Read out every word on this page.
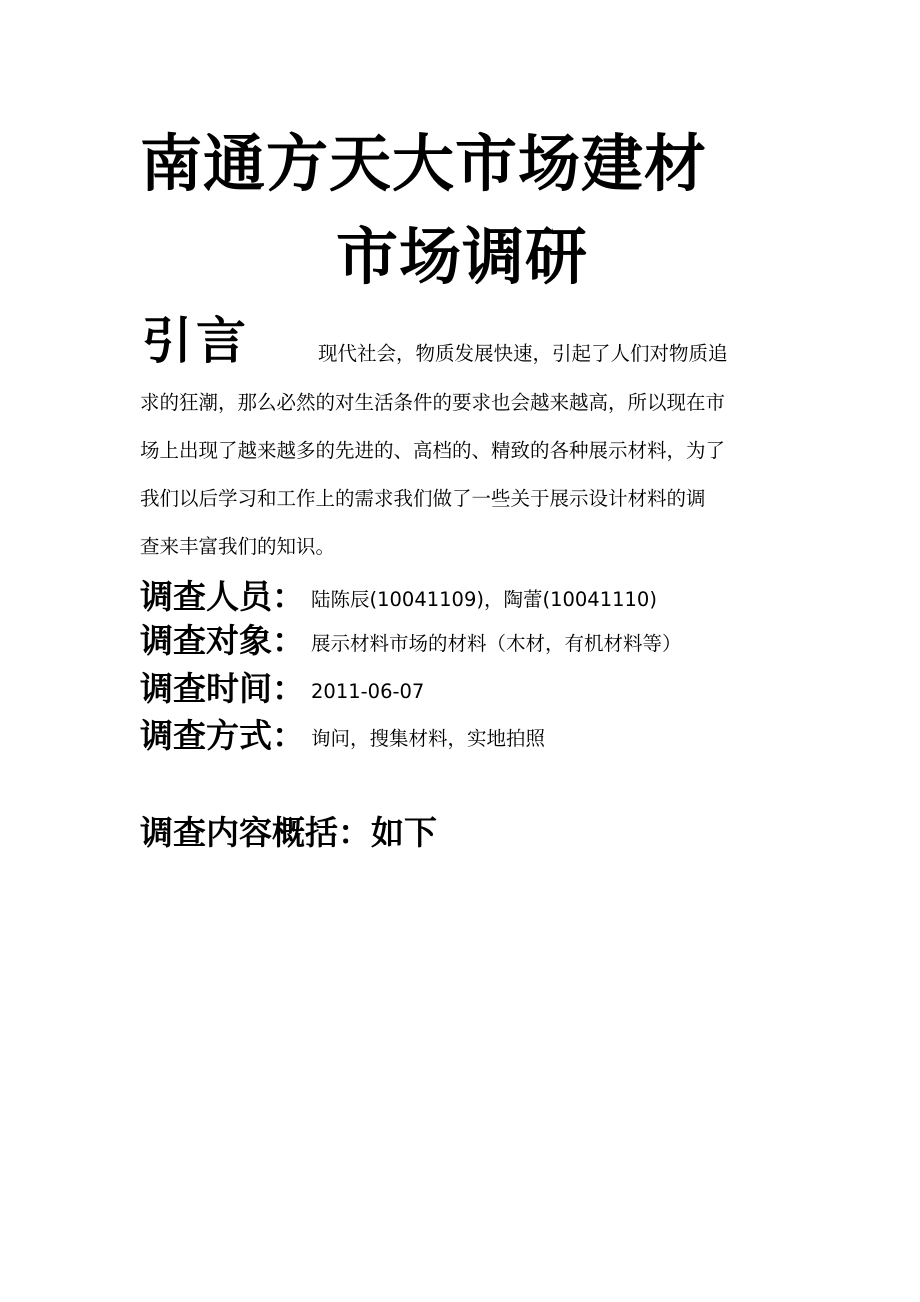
南通方天大市场建材
市场调研
引言	现代社会，物质发展快速，引起了人们对物质追
求的狂潮，那么必然的对生活条件的要求也会越来越高，所以现在市
场上出现了越来越多的先进的、高档的、精致的各种展示材料，为了
我们以后学习和工作上的需求我们做了一些关于展示设计材料的调
查来丰富我们的知识。
调查人员： 陆陈辰(10041109)，陶蕾(10041110)
调查对象： 展示材料市场的材料（木材，有机材料等）
调查时间： 2011-06-07
调查方式： 询问，搜集材料，实地拍照
调查内容概括：如下
